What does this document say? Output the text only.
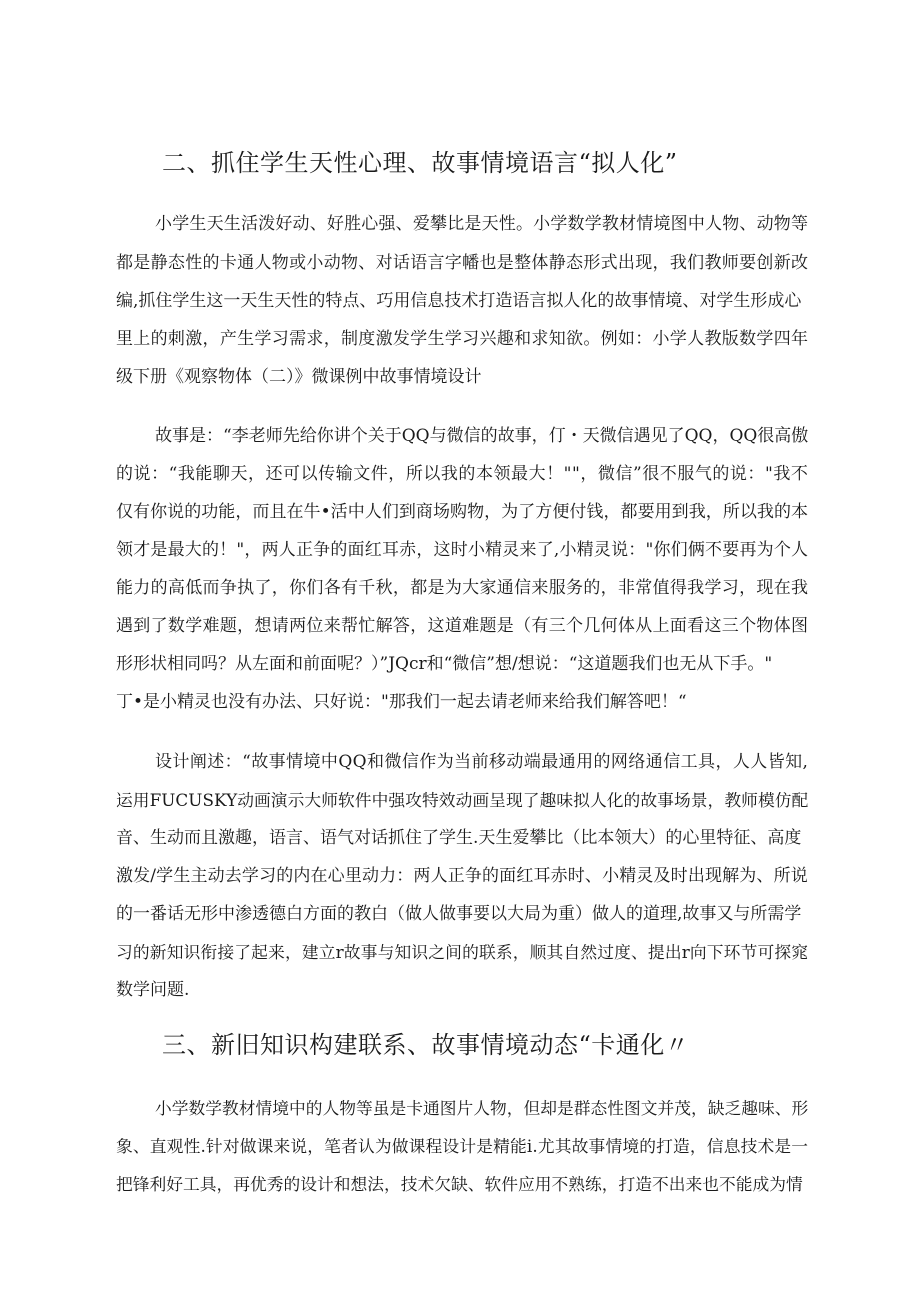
二、抓住学生天性心理、故事情境语言“拟人化”

小学生天生活泼好动、好胜心强、爱攀比是天性。小学数学教材情境图中人物、动物等

都是静态性的卡通人物或小动物、对话语言字幡也是整体静态形式出现，我们教师要创新改

编,抓住学生这一天生天性的特点、巧用信息技术打造语言拟人化的故事情境、对学生形成心

里上的刺激，产生学习需求，制度激发学生学习兴趣和求知欲。例如：小学人教版数学四年

级下册《观察物体（二）》微课例中故事情境设计

故事是：“李老师先给你讲个关于QQ与微信的故事，仃・天微信遇见了QQ，QQ很高傲

的说：“我能聊天，还可以传输文件，所以我的本领最大！""，微信”很不服气的说："我不

仅有你说的功能，而且在牛•活中人们到商场购物，为了方便付钱，都要用到我，所以我的本

领才是最大的！"，两人正争的面红耳赤，这时小精灵来了,小精灵说："你们俩不要再为个人

能力的高低而争执了，你们各有千秋，都是为大家通信来服务的，非常值得我学习，现在我

遇到了数学难题，想请两位来帮忙解答，这道难题是（有三个几何体从上面看这三个物体图

形形状相同吗？从左面和前面呢？）”JQcr和“微信”想/想说：“这道题我们也无从下手。"

丁•是小精灵也没有办法、只好说："那我们一起去请老师来给我们解答吧！“

设计阐述：“故事情境中QQ和微信作为当前移动端最通用的网络通信工具，人人皆知,

运用FUCUSKY动画演示大师软件中强攻特效动画呈现了趣味拟人化的故事场景，教师模仿配

音、生动而且激趣，语言、语气对话抓住了学生.天生爱攀比（比本领大）的心里特征、高度

激发/学生主动去学习的内在心里动力：两人正争的面红耳赤时、小精灵及时出现解为、所说

的一番话无形中渗透德白方面的教白（做人做事要以大局为重）做人的道理,故事又与所需学

习的新知识衔接了起来，建立r故事与知识之间的联系，顺其自然过度、提出r向下环节可探窕

数学问题.

三、新旧知识构建联系、故事情境动态“卡通化〃

小学数学教材情境中的人物等虽是卡通图片人物，但却是群态性图文并茂，缺乏趣味、形

象、直观性.针对做课来说，笔者认为做课程设计是精能i.尤其故事情境的打造，信息技术是一

把锋利好工具，再优秀的设计和想法，技术欠缺、软件应用不熟练，打造不出来也不能成为情
